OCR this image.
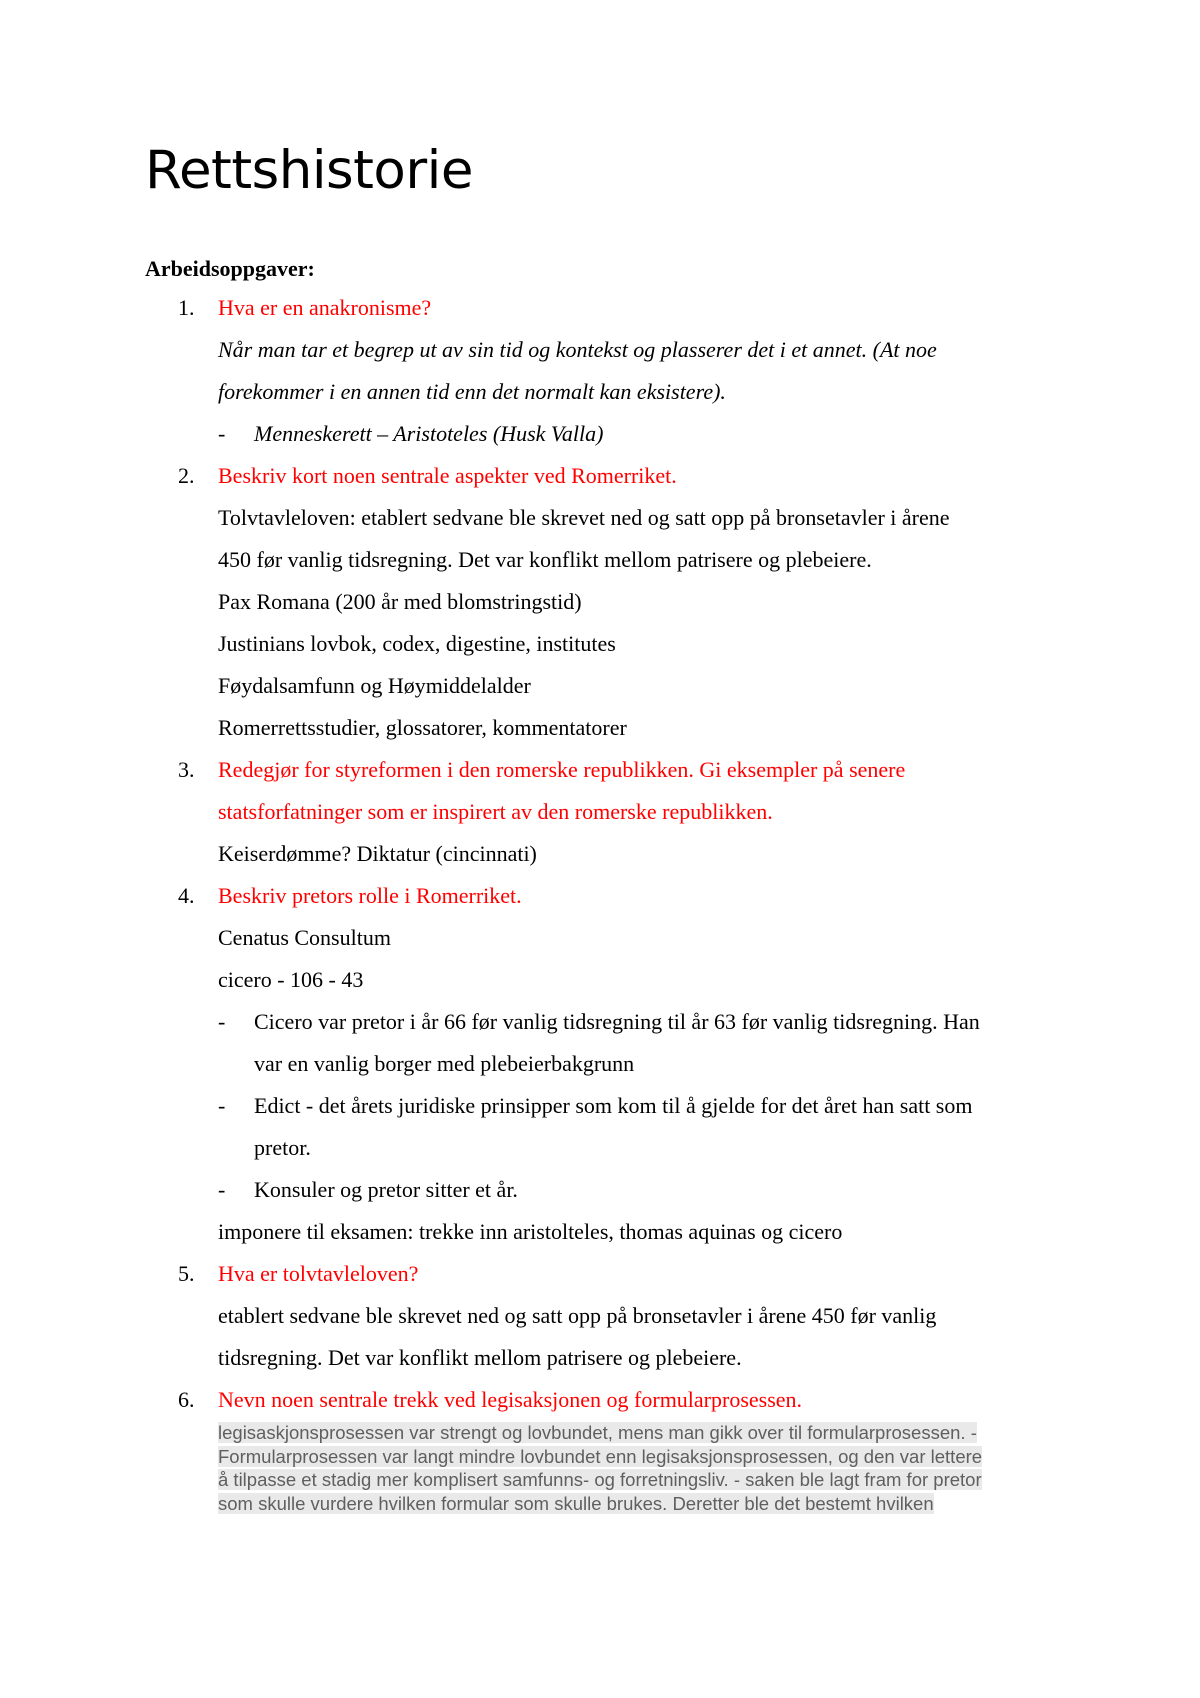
Rettshistorie
Arbeidsoppgaver:
1. Hva er en anakronisme?
Når man tar et begrep ut av sin tid og kontekst og plasserer det i et annet. (At noe
forekommer i en annen tid enn det normalt kan eksistere).
- Menneskerett – Aristoteles (Husk Valla)
2. Beskriv kort noen sentrale aspekter ved Romerriket.
Tolvtavleloven: etablert sedvane ble skrevet ned og satt opp på bronsetavler i årene
450 før vanlig tidsregning. Det var konflikt mellom patrisere og plebeiere.
Pax Romana (200 år med blomstringstid)
Justinians lovbok, codex, digestine, institutes
Føydalsamfunn og Høymiddelalder
Romerrettsstudier, glossatorer, kommentatorer
3. Redegjør for styreformen i den romerske republikken. Gi eksempler på senere
statsforfatninger som er inspirert av den romerske republikken.
Keiserdømme? Diktatur (cincinnati)
4. Beskriv pretors rolle i Romerriket.
Cenatus Consultum
cicero - 106 - 43
- Cicero var pretor i år 66 før vanlig tidsregning til år 63 før vanlig tidsregning. Han
var en vanlig borger med plebeierbakgrunn
- Edict - det årets juridiske prinsipper som kom til å gjelde for det året han satt som
pretor.
- Konsuler og pretor sitter et år.
imponere til eksamen: trekke inn aristolteles, thomas aquinas og cicero
5. Hva er tolvtavleloven?
etablert sedvane ble skrevet ned og satt opp på bronsetavler i årene 450 før vanlig
tidsregning. Det var konflikt mellom patrisere og plebeiere.
6. Nevn noen sentrale trekk ved legisaksjonen og formularprosessen.
legisaskjonsprosessen var strengt og lovbundet, mens man gikk over til formularprosessen. -
Formularprosessen var langt mindre lovbundet enn legisaksjonsprosessen, og den var lettere
å tilpasse et stadig mer komplisert samfunns- og forretningsliv. - saken ble lagt fram for pretor
som skulle vurdere hvilken formular som skulle brukes. Deretter ble det bestemt hvilken
